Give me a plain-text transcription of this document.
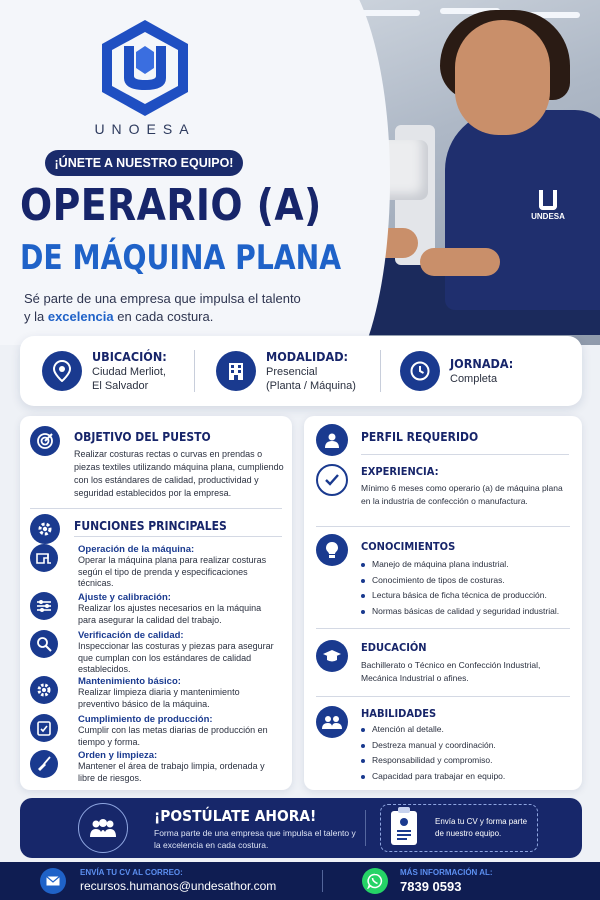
UNDESA
UNOESA
¡ÚNETE A NUESTRO EQUIPO!
OPERARIO (A)
DE MÁQUINA PLANA
Sé parte de una empresa que impulsa el talento
y la excelencia en cada costura.
UBICACIÓN:
Ciudad Merliot,
El Salvador
MODALIDAD:
Presencial
(Planta / Máquina)
JORNADA:
Completa
OBJETIVO DEL PUESTO
Realizar costuras rectas o curvas en prendas o piezas textiles utilizando máquina plana, cumpliendo con los estándares de calidad, productividad y seguridad establecidos por la empresa.
FUNCIONES PRINCIPALES
Operación de la máquina:
Operar la máquina plana para realizar costuras según el tipo de prenda y especificaciones técnicas.
Ajuste y calibración:
Realizar los ajustes necesarios en la máquina para asegurar la calidad del trabajo.
Verificación de calidad:
Inspeccionar las costuras y piezas para asegurar que cumplan con los estándares de calidad establecidos.
Mantenimiento básico:
Realizar limpieza diaria y mantenimiento preventivo básico de la máquina.
Cumplimiento de producción:
Cumplir con las metas diarias de producción en tiempo y forma.
Orden y limpieza:
Mantener el área de trabajo limpia, ordenada y libre de riesgos.
PERFIL REQUERIDO
EXPERIENCIA:
Mínimo 6 meses como operario (a) de máquina plana en la industria de confección o manufactura.
CONOCIMIENTOS
Manejo de máquina plana industrial.
Conocimiento de tipos de costuras.
Lectura básica de ficha técnica de producción.
Normas básicas de calidad y seguridad industrial.
EDUCACIÓN
Bachillerato o Técnico en Confección Industrial, Mecánica Industrial o afines.
HABILIDADES
Atención al detalle.
Destreza manual y coordinación.
Responsabilidad y compromiso.
Capacidad para trabajar en equipo.
¡POSTÚLATE AHORA!
Forma parte de una empresa que impulsa el talento y la excelencia en cada costura.
Envía tu CV y forma parte de nuestro equipo.
ENVÍA TU CV AL CORREO:
recursos.humanos@undesathor.com
MÁS INFORMACIÓN AL:
7839 0593
